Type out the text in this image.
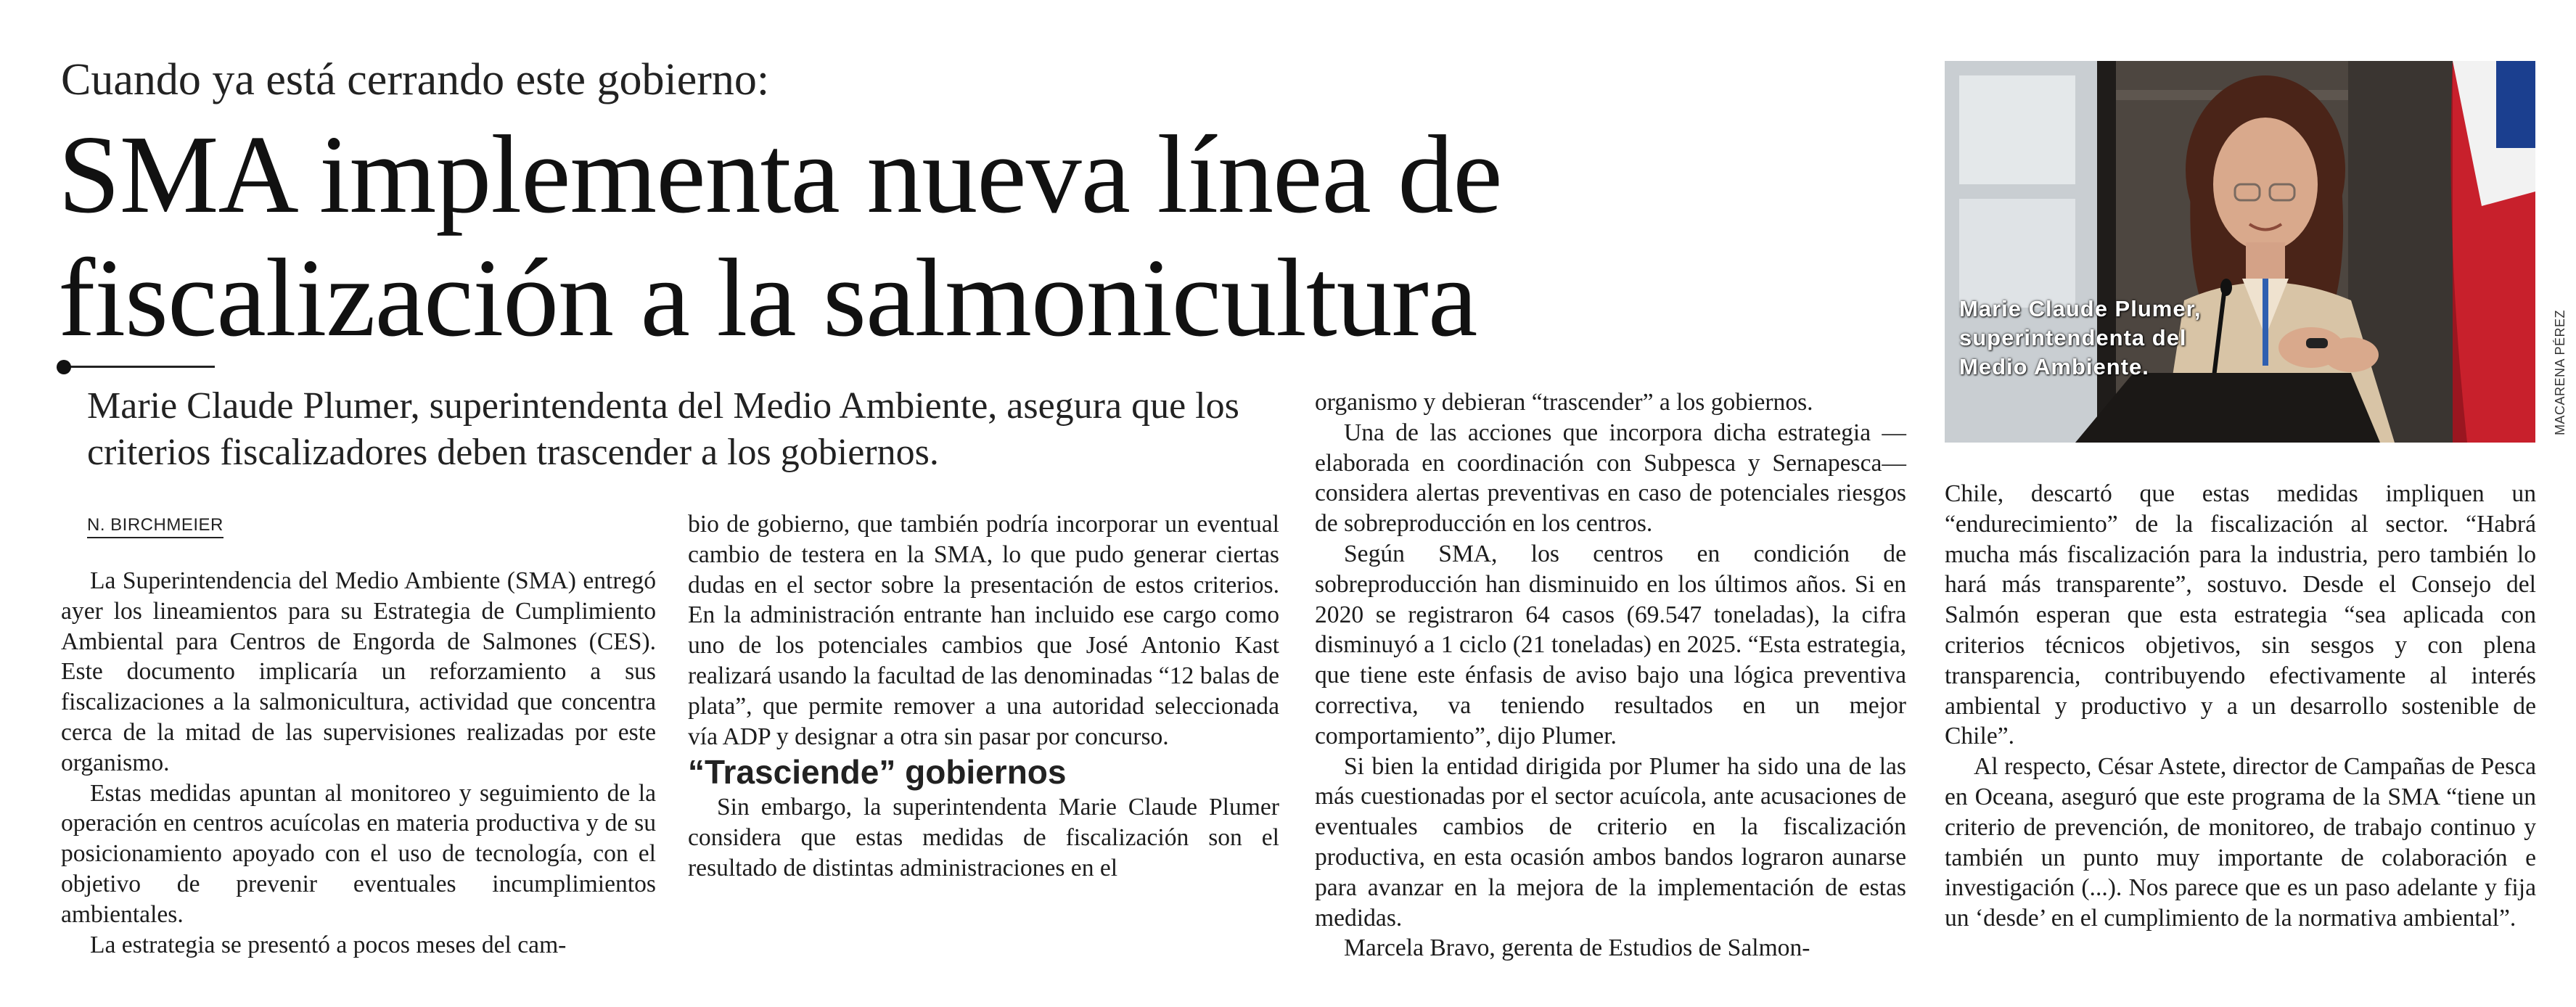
Cuando ya está cerrando este gobierno:
SMA implementa nueva línea de fiscalización a la salmonicultura

Marie Claude Plumer, superintendenta del Medio Ambiente, asegura que los criterios fiscalizadores deben trascender a los gobiernos.

N. BIRCHMEIER

La Superintendencia del Medio Ambiente (SMA) entregó ayer los lineamientos para su Estrategia de Cumplimiento Ambiental para Centros de Engorda de Salmones (CES). Este documento implicaría un reforzamiento a sus fiscalizaciones a la salmonicultura, actividad que concentra cerca de la mitad de las supervisiones realizadas por este organismo.

Estas medidas apuntan al monitoreo y seguimiento de la operación en centros acuícolas en materia productiva y de su posicionamiento apoyado con el uso de tecnología, con el objetivo de prevenir eventuales incumplimientos ambientales.

La estrategia se presentó a pocos meses del cam-

bio de gobierno, que también podría incorporar un eventual cambio de testera en la SMA, lo que pudo generar ciertas dudas en el sector sobre la presentación de estos criterios. En la administración entrante han incluido ese cargo como uno de los potenciales cambios que José Antonio Kast realizará usando la facultad de las denominadas “12 balas de plata”, que permite remover a una autoridad seleccionada vía ADP y designar a otra sin pasar por concurso.

“Trasciende” gobiernos

Sin embargo, la superintendenta Marie Claude Plumer considera que estas medidas de fiscalización son el resultado de distintas administraciones en el

organismo y debieran “trascender” a los gobiernos.

Una de las acciones que incorpora dicha estrategia —elaborada en coordinación con Subpesca y Sernapesca— considera alertas preventivas en caso de potenciales riesgos de sobreproducción en los centros.

Según SMA, los centros en condición de sobreproducción han disminuido en los últimos años. Si en 2020 se registraron 64 casos (69.547 toneladas), la cifra disminuyó a 1 ciclo (21 toneladas) en 2025. “Esta estrategia, que tiene este énfasis de aviso bajo una lógica preventiva correctiva, va teniendo resultados en un mejor comportamiento”, dijo Plumer.

Si bien la entidad dirigida por Plumer ha sido una de las más cuestionadas por el sector acuícola, ante acusaciones de eventuales cambios de criterio en la fiscalización productiva, en esta ocasión ambos bandos lograron aunarse para avanzar en la mejora de la implementación de estas medidas.

Marcela Bravo, gerenta de Estudios de Salmon-

Chile, descartó que estas medidas impliquen un “endurecimiento” de la fiscalización al sector. “Habrá mucha más fiscalización para la industria, pero también lo hará más transparente”, sostuvo. Desde el Consejo del Salmón esperan que esta estrategia “sea aplicada con criterios técnicos objetivos, sin sesgos y con plena transparencia, contribuyendo efectivamente al interés ambiental y productivo y a un desarrollo sostenible de Chile”.

Al respecto, César Astete, director de Campañas de Pesca en Oceana, aseguró que este programa de la SMA “tiene un criterio de prevención, de monitoreo, de trabajo continuo y también un punto muy importante de colaboración e investigación (...). Nos parece que es un paso adelante y fija un ‘desde’ en el cumplimiento de la normativa ambiental”.

Marie Claude Plumer, superintendenta del Medio Ambiente.	MACARENA PÉREZ
